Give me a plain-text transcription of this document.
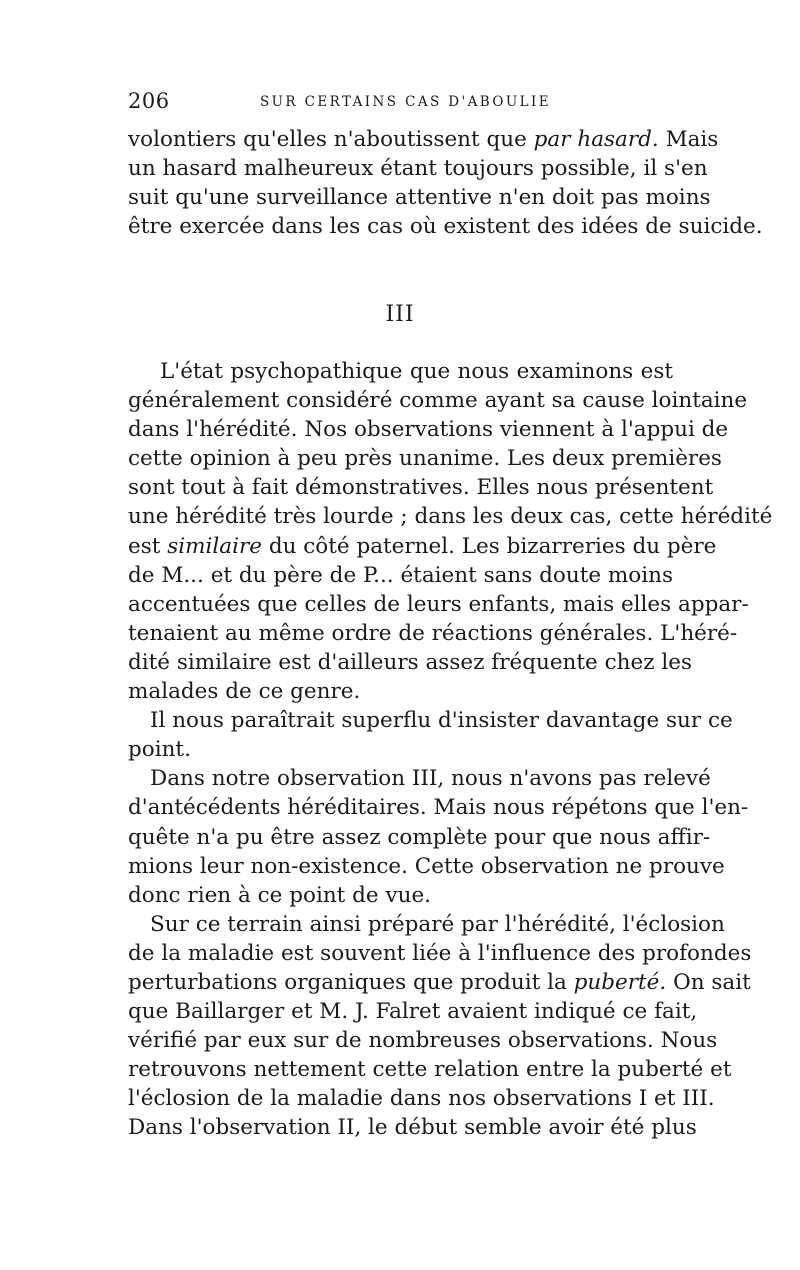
206	SUR CERTAINS CAS D'ABOULIE
volontiers qu'elles n'aboutissent que par hasard. Mais
un hasard malheureux étant toujours possible, il s'en
suit qu'une surveillance attentive n'en doit pas moins
être exercée dans les cas où existent des idées de suicide.
III
L'état psychopathique que nous examinons est
généralement considéré comme ayant sa cause lointaine
dans l'hérédité. Nos observations viennent à l'appui de
cette opinion à peu près unanime. Les deux premières
sont tout à fait démonstratives. Elles nous présentent
une hérédité très lourde ; dans les deux cas, cette hérédité
est similaire du côté paternel. Les bizarreries du père
de M... et du père de P... étaient sans doute moins
accentuées que celles de leurs enfants, mais elles appar-
tenaient au même ordre de réactions générales. L'héré-
dité similaire est d'ailleurs assez fréquente chez les
malades de ce genre.
Il nous paraîtrait superflu d'insister davantage sur ce
point.
Dans notre observation III, nous n'avons pas relevé
d'antécédents héréditaires. Mais nous répétons que l'en-
quête n'a pu être assez complète pour que nous affir-
mions leur non-existence. Cette observation ne prouve
donc rien à ce point de vue.
Sur ce terrain ainsi préparé par l'hérédité, l'éclosion
de la maladie est souvent liée à l'influence des profondes
perturbations organiques que produit la puberté. On sait
que Baillarger et M. J. Falret avaient indiqué ce fait,
vérifié par eux sur de nombreuses observations. Nous
retrouvons nettement cette relation entre la puberté et
l'éclosion de la maladie dans nos observations I et III.
Dans l'observation II, le début semble avoir été plus
